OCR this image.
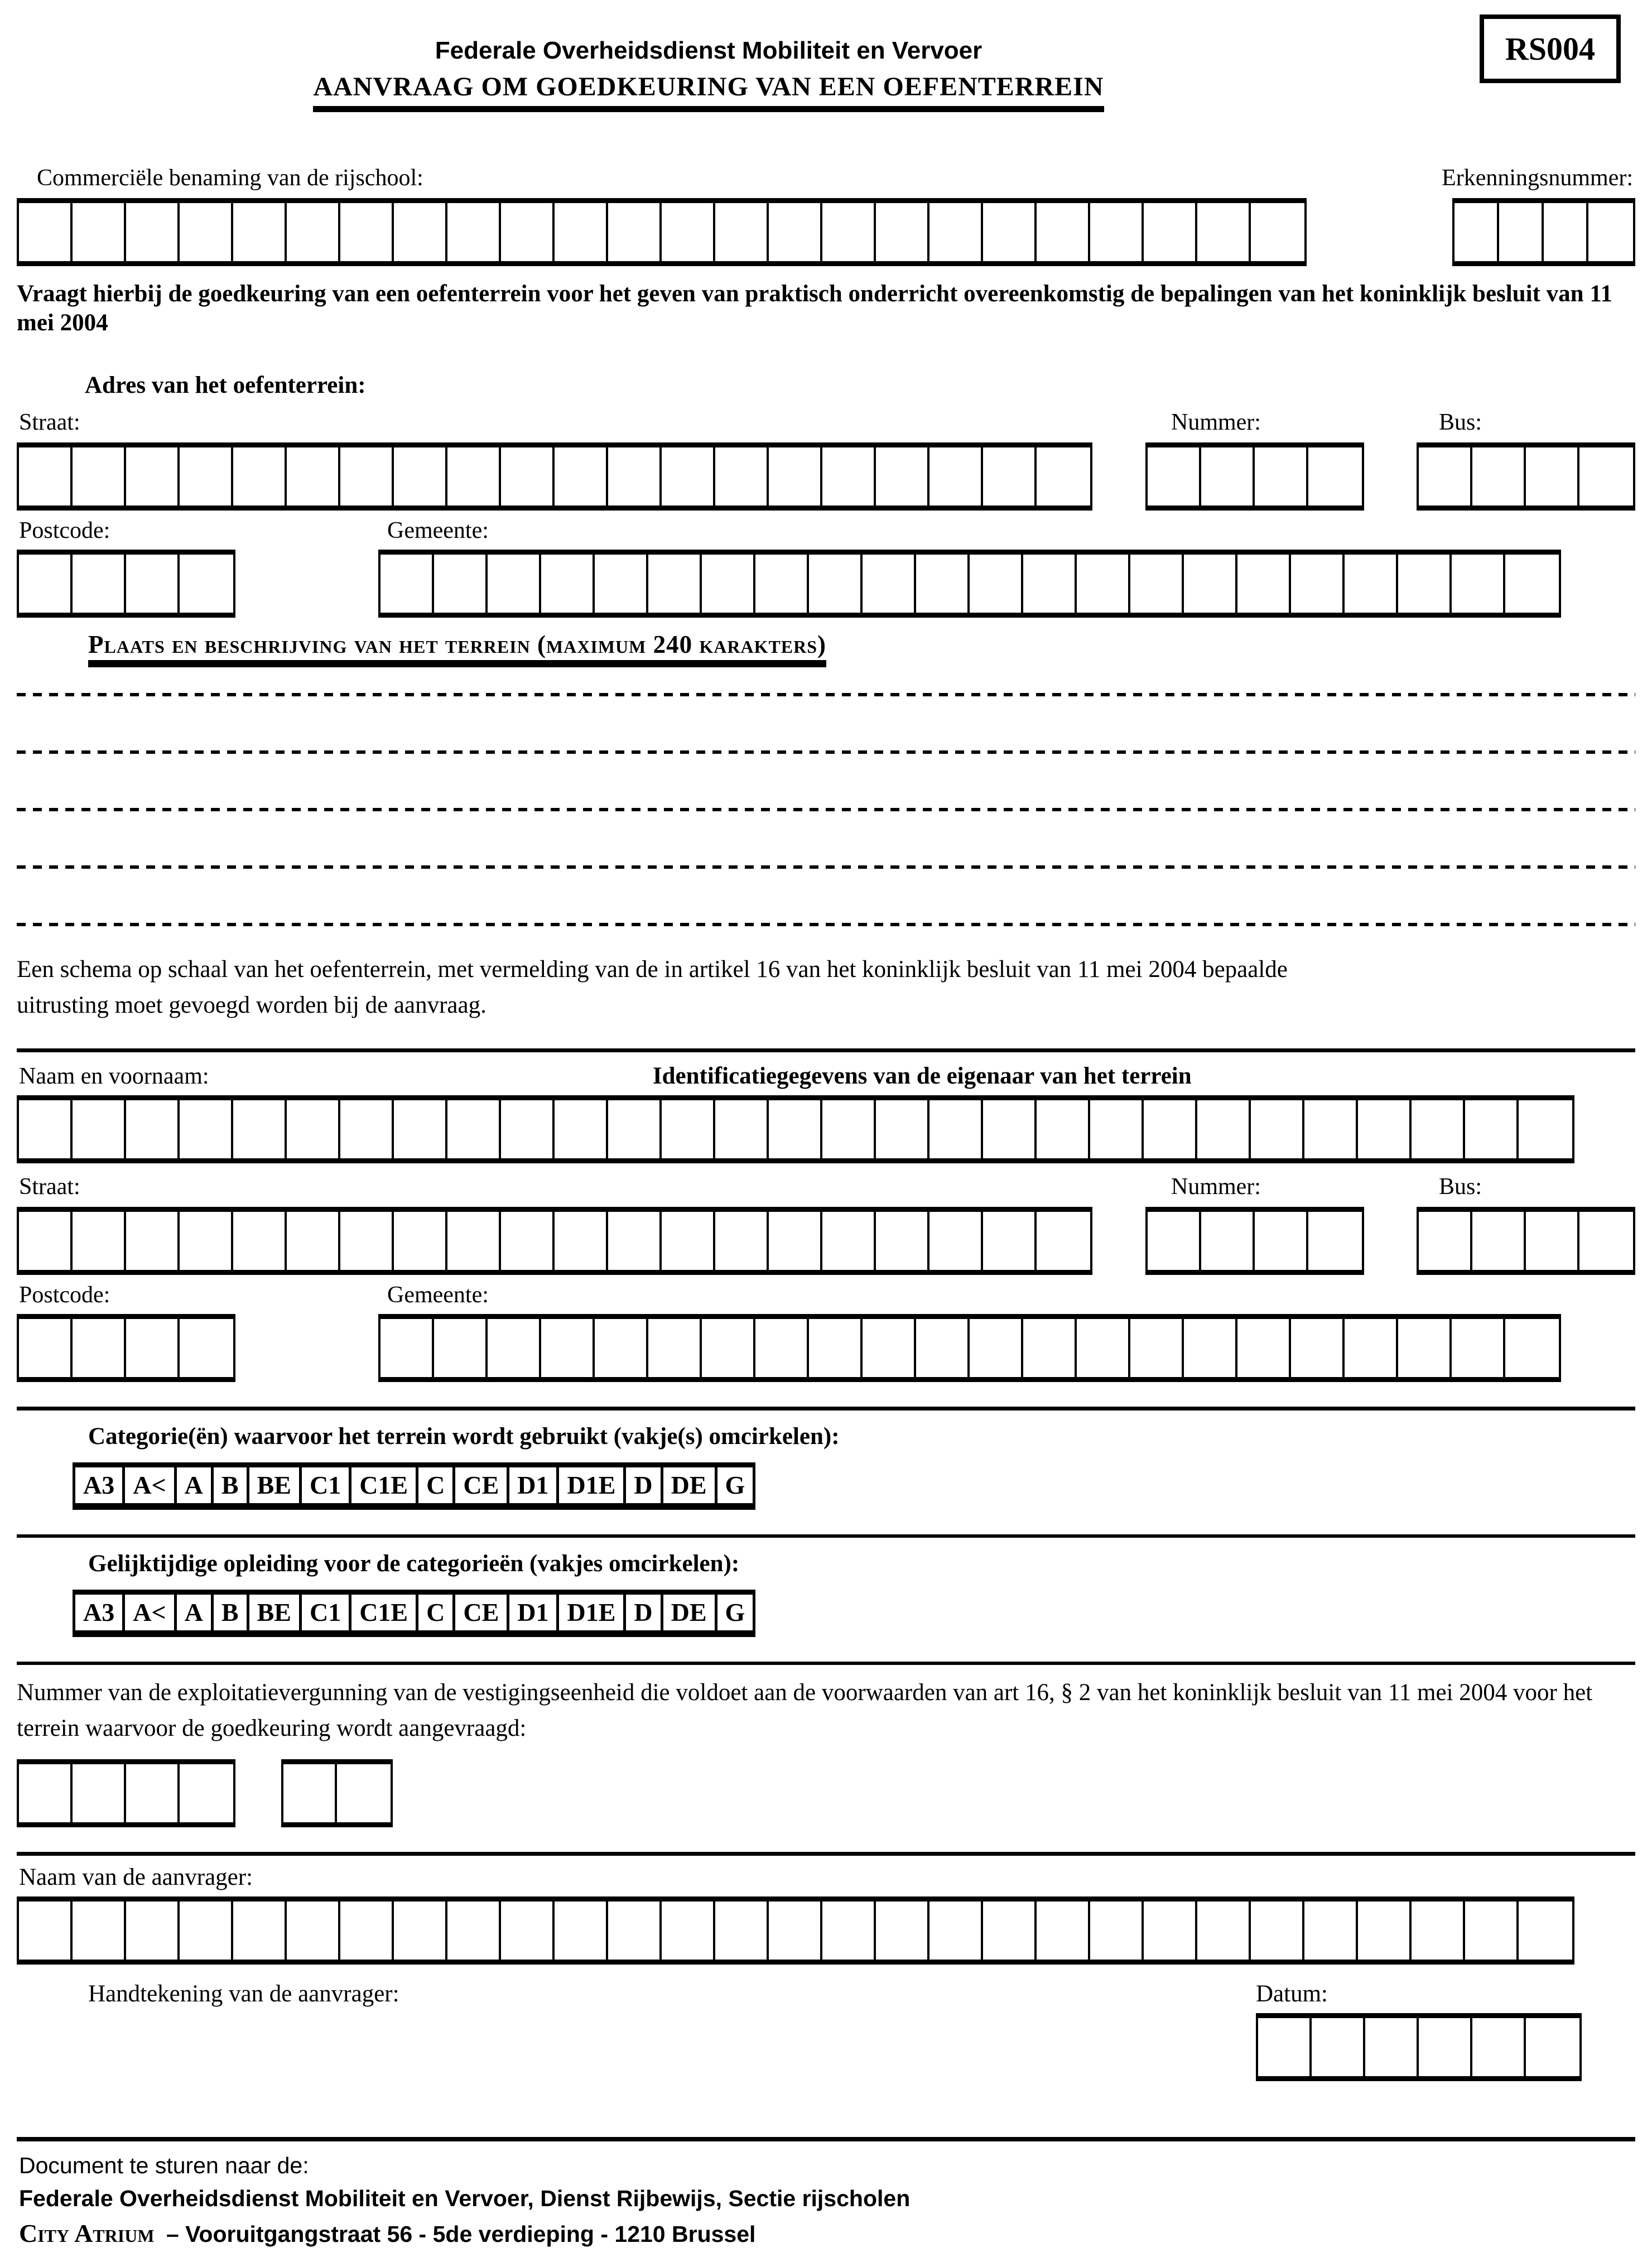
RS004
Federale Overheidsdienst Mobiliteit en Vervoer
AANVRAAG OM GOEDKEURING VAN EEN OEFENTERREIN
Commerciële benaming van de rijschool:	Erkenningsnummer:

Vraagt hierbij de goedkeuring van een oefenterrein voor het geven van praktisch onderricht overeenkomstig de bepalingen van het koninklijk besluit van 11 mei 2004

Adres van het oefenterrein:
Straat:	Nummer:	Bus:
Postcode:	Gemeente:
Plaats en beschrijving van het terrein (maximum 240 karakters)

Een schema op schaal van het oefenterrein, met vermelding van de in artikel 16 van het koninklijk besluit van 11 mei 2004 bepaalde uitrusting moet gevoegd worden bij de aanvraag.

Naam en voornaam:	Identificatiegegevens van de eigenaar van het terrein
Straat:	Nummer:	Bus:
Postcode:	Gemeente:
Categorie(ën) waarvoor het terrein wordt gebruikt (vakje(s) omcirkelen):
A3 A< A B BE C1 C1E C CE D1 D1E D DE G
Gelijktijdige opleiding voor de categorieën (vakjes omcirkelen):
A3 A< A B BE C1 C1E C CE D1 D1E D DE G

Nummer van de exploitatievergunning van de vestigingseenheid die voldoet aan de voorwaarden van art 16, § 2 van het koninklijk besluit van 11 mei 2004 voor het terrein waarvoor de goedkeuring wordt aangevraagd:

Naam van de aanvrager:
Handtekening van de aanvrager:	Datum:
Document te sturen naar de:
Federale Overheidsdienst Mobiliteit en Vervoer, Dienst Rijbewijs, Sectie rijscholen
City Atrium – Vooruitgangstraat 56 - 5de verdieping - 1210 Brussel
